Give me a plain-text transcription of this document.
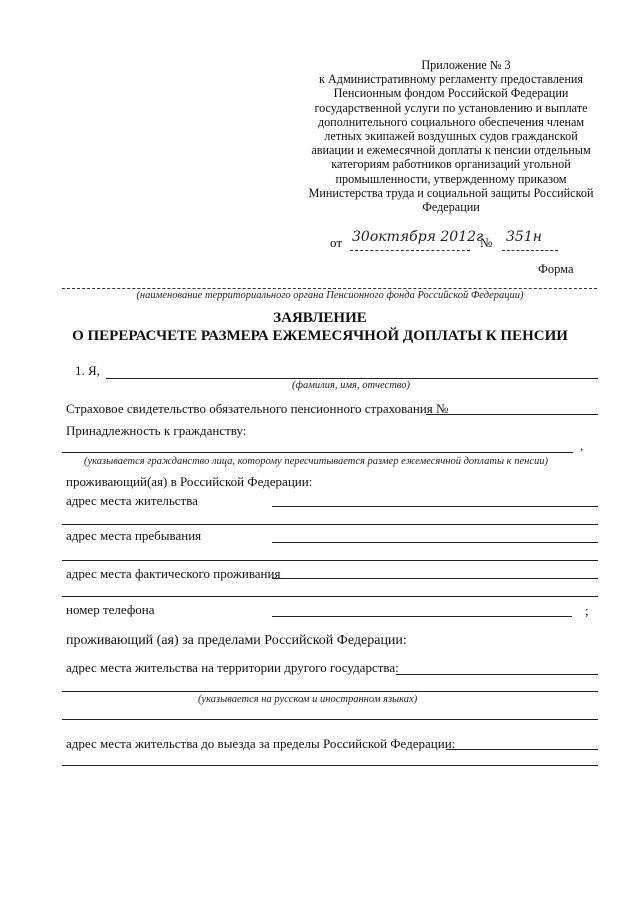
Приложение № 3
к Административному регламенту предоставления Пенсионным фондом Российской Федерации государственной услуги по установлению и выплате дополнительного социального обеспечения членам летных экипажей воздушных судов гражданской авиации и ежемесячной доплаты к пенсии отдельным категориям работников организаций угольной промышленности, утвержденному приказом Министерства труда и социальной защиты Российской Федерации
от 30октября 2012г
№ 351н
Форма
(наименование территориального органа Пенсионного фонда Российской Федерации)
ЗАЯВЛЕНИЕ
О ПЕРЕРАСЧЕТЕ РАЗМЕРА ЕЖЕМЕСЯЧНОЙ ДОПЛАТЫ К ПЕНСИИ
1. Я,
(фамилия, имя, отчество)
Страховое свидетельство обязательного пенсионного страхования №
Принадлежность к гражданству:
,
(указывается гражданство лица, которому пересчитывается размер ежемесячной доплаты к пенсии)
проживающий(ая) в Российской Федерации:
адрес места жительства
адрес места пребывания
адрес места фактического проживания
номер телефона	;
проживающий (ая) за пределами Российской Федерации:
адрес места жительства на территории другого государства:
(указывается на русском и иностранном языках)
адрес места жительства до выезда за пределы Российской Федерации:
